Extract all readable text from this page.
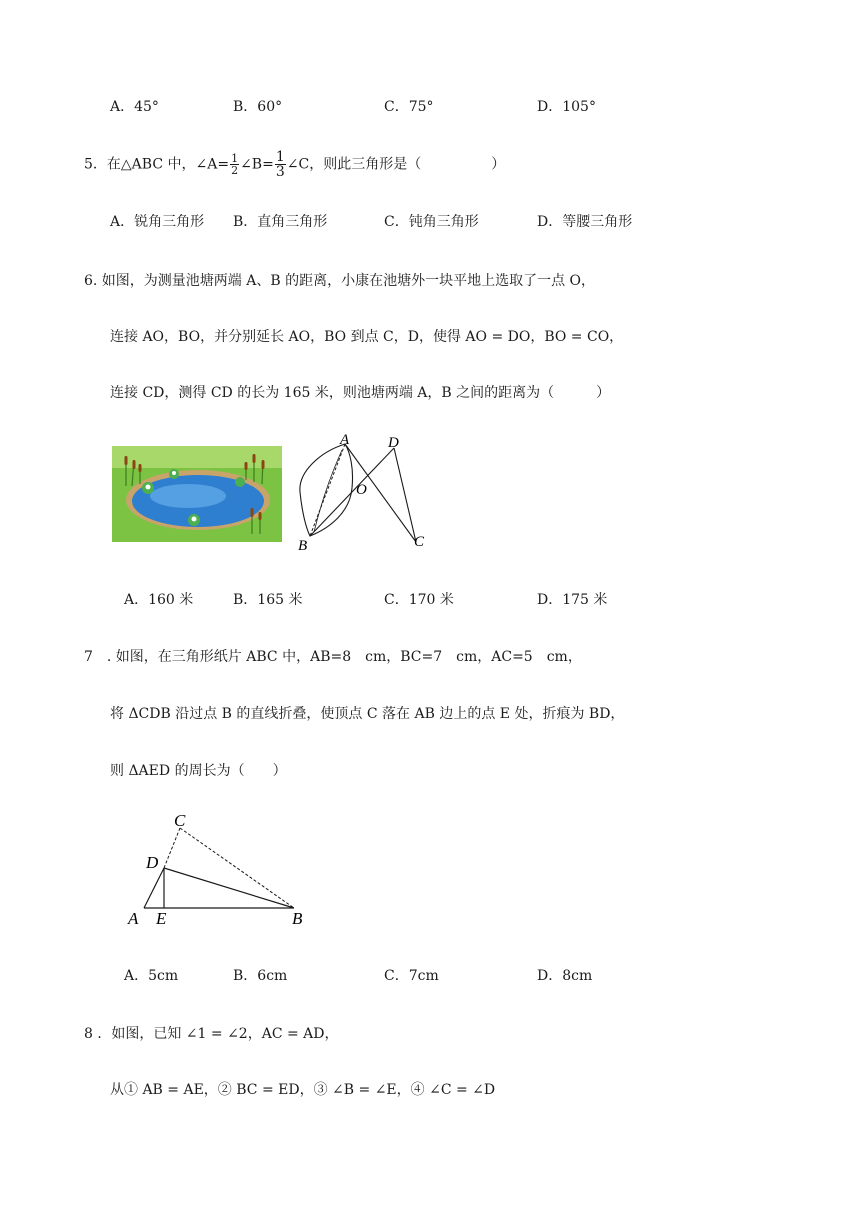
A．45°	B．60°	C．75°	D．105°
5．在△ABC 中，∠A= $\frac{1}{2}$ ∠B= $\frac{1}{3}$ ∠C，则此三角形是（　　　　　）
A．锐角三角形 B．直角三角形	C．钝角三角形	D．等腰三角形
6. 如图，为测量池塘两端 A、B 的距离，小康在池塘外一块平地上选取了一点 O，
连接 AO，BO，并分别延长 AO，BO 到点 C，D，使得 AO = DO，BO = CO，
连接 CD，测得 CD 的长为 165 米，则池塘两端 A，B 之间的距离为（　　　）
A	D
O
B	C
A．160 米	B．165 米	C．170 米	D．175 米
7　. 如图，在三角形纸片 ABC 中，AB=8　cm，BC=7　cm，AC=5　cm，
将 ΔCDB 沿过点 B 的直线折叠，使顶点 C 落在 AB 边上的点 E 处，折痕为 BD，
则 ΔAED 的周长为（　　）
C
D
A E	B
A．5cm	B．6cm	C．7cm	D．8cm
8 ．如图，已知 ∠1 = ∠2，AC = AD，
从① AB = AE，② BC = ED，③ ∠B = ∠E，④ ∠C = ∠D
